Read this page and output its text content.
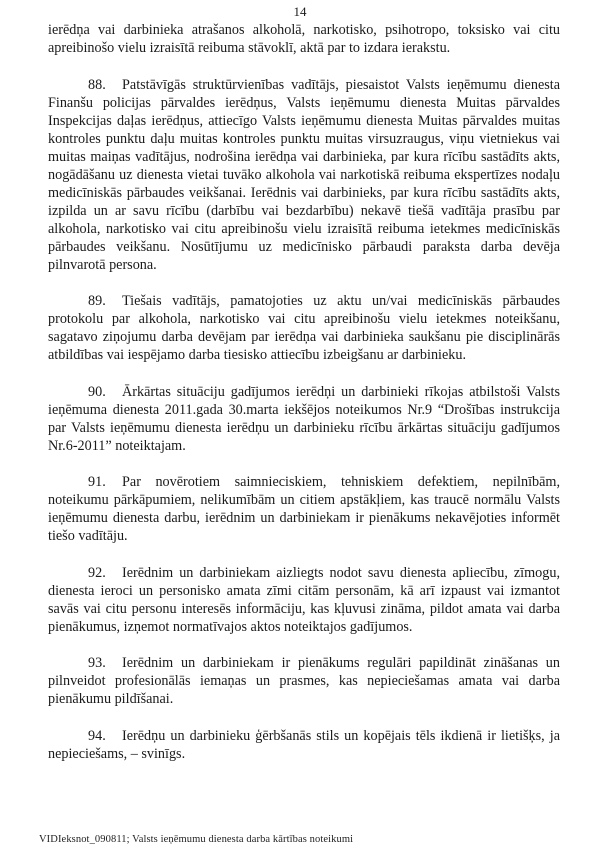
14

ierēdņa vai darbinieka atrašanos alkoholā, narkotisko, psihotropo, toksisko vai citu apreibinošo vielu izraisītā reibuma stāvoklī, aktā par to izdara ierakstu.

88. Patstāvīgās struktūrvienības vadītājs, piesaistot Valsts ieņēmumu dienesta Finanšu policijas pārvaldes ierēdņus, Valsts ieņēmumu dienesta Muitas pārvaldes Inspekcijas daļas ierēdņus, attiecīgo Valsts ieņēmumu dienesta Muitas pārvaldes muitas kontroles punktu daļu muitas kontroles punktu muitas virsuzraugus, viņu vietniekus vai muitas maiņas vadītājus, nodrošina ierēdņa vai darbinieka, par kura rīcību sastādīts akts, nogādāšanu uz dienesta vietai tuvāko alkohola vai narkotiskā reibuma ekspertīzes nodaļu medicīniskās pārbaudes veikšanai. Ierēdnis vai darbinieks, par kura rīcību sastādīts akts, izpilda un ar savu rīcību (darbību vai bezdarbību) nekavē tiešā vadītāja prasību par alkohola, narkotisko vai citu apreibinošu vielu izraisītā reibuma ietekmes medicīniskās pārbaudes veikšanu. Nosūtījumu uz medicīnisko pārbaudi paraksta darba devēja pilnvarotā persona.

89. Tiešais vadītājs, pamatojoties uz aktu un/vai medicīniskās pārbaudes protokolu par alkohola, narkotisko vai citu apreibinošu vielu ietekmes noteikšanu, sagatavo ziņojumu darba devējam par ierēdņa vai darbinieka saukšanu pie disciplinārās atbildības vai iespējamo darba tiesisko attiecību izbeigšanu ar darbinieku.

90. Ārkārtas situāciju gadījumos ierēdņi un darbinieki rīkojas atbilstoši Valsts ieņēmuma dienesta 2011.gada 30.marta iekšējos noteikumos Nr.9 “Drošības instrukcija par Valsts ieņēmumu dienesta ierēdņu un darbinieku rīcību ārkārtas situāciju gadījumos Nr.6-2011” noteiktajam.

91. Par novērotiem saimnieciskiem, tehniskiem defektiem, nepilnībām, noteikumu pārkāpumiem, nelikumībām un citiem apstākļiem, kas traucē normālu Valsts ieņēmumu dienesta darbu, ierēdnim un darbiniekam ir pienākums nekavējoties informēt tiešo vadītāju.

92. Ierēdnim un darbiniekam aizliegts nodot savu dienesta apliecību, zīmogu, dienesta ieroci un personisko amata zīmi citām personām, kā arī izpaust vai izmantot savās vai citu personu interesēs informāciju, kas kļuvusi zināma, pildot amata vai darba pienākumus, izņemot normatīvajos aktos noteiktajos gadījumos.

93. Ierēdnim un darbiniekam ir pienākums regulāri papildināt zināšanas un pilnveidot profesionālās iemaņas un prasmes, kas nepieciešamas amata vai darba pienākumu pildīšanai.

94. Ierēdņu un darbinieku ģērbšanās stils un kopējais tēls ikdienā ir lietišķs, ja nepieciešams, – svinīgs.

VIDIeksnot_090811; Valsts ieņēmumu dienesta darba kārtības noteikumi
